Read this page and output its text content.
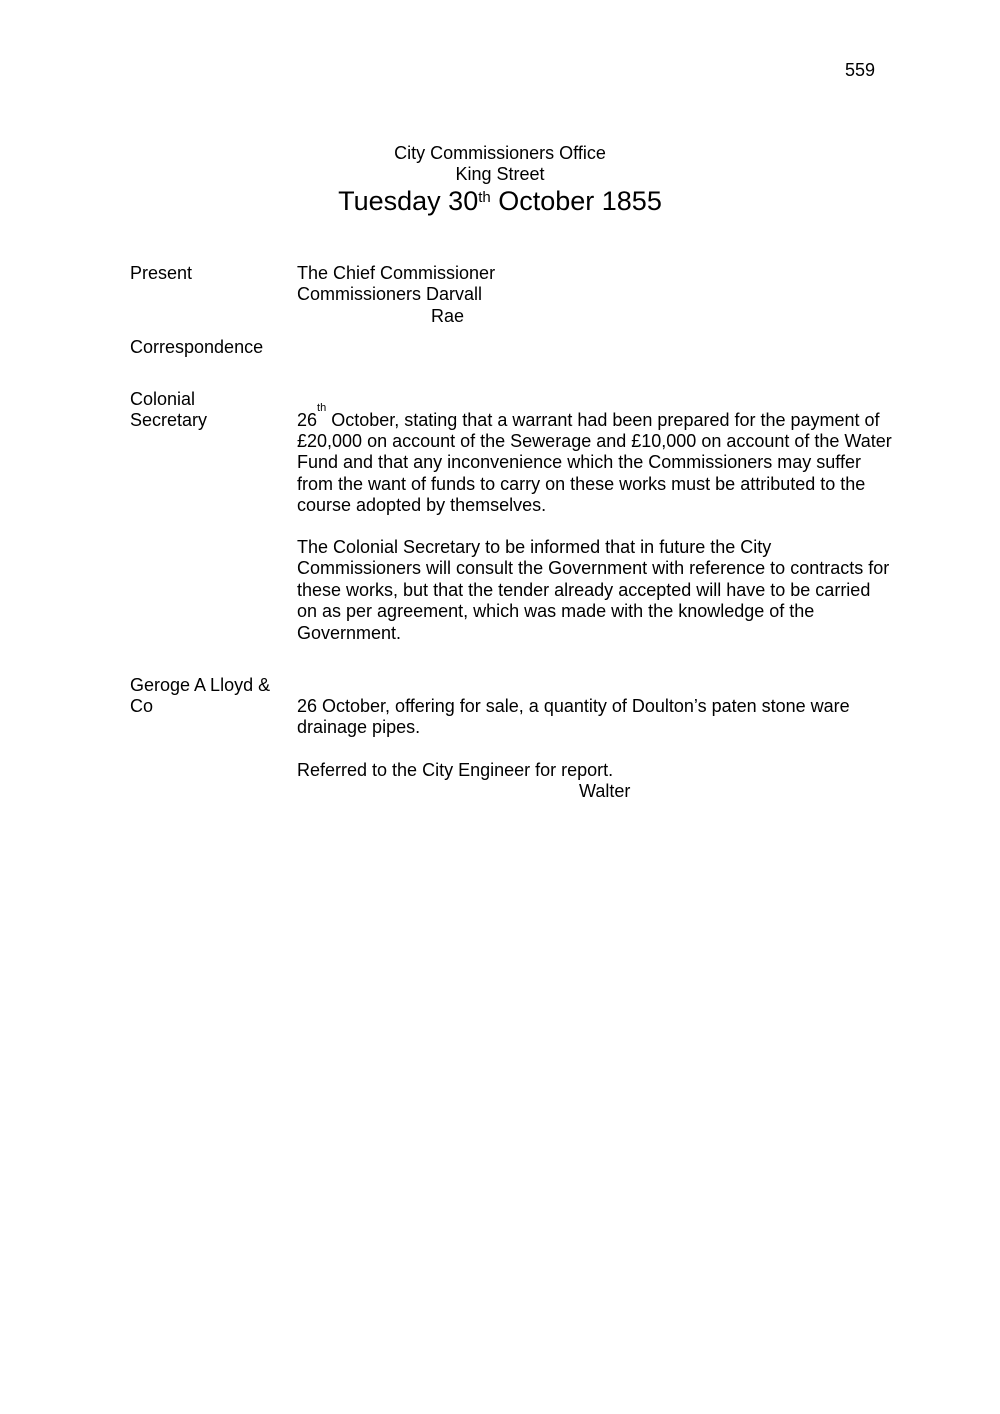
559
City Commissioners Office
King Street
Tuesday 30th October 1855
Present	The Chief Commissioner
Commissioners Darvall
Rae
Correspondence
Colonial
Secretary	26th October, stating that a warrant had been prepared for the payment of
£20,000 on account of the Sewerage and £10,000 on account of the Water
Fund and that any inconvenience which the Commissioners may suffer
from the want of funds to carry on these works must be attributed to the
course adopted by themselves.
The Colonial Secretary to be informed that in future the City
Commissioners will consult the Government with reference to contracts for
these works, but that the tender already accepted will have to be carried
on as per agreement, which was made with the knowledge of the
Government.
Geroge A Lloyd &
Co	26 October, offering for sale, a quantity of Doulton’s paten stone ware
drainage pipes.
Referred to the City Engineer for report.
Walter
